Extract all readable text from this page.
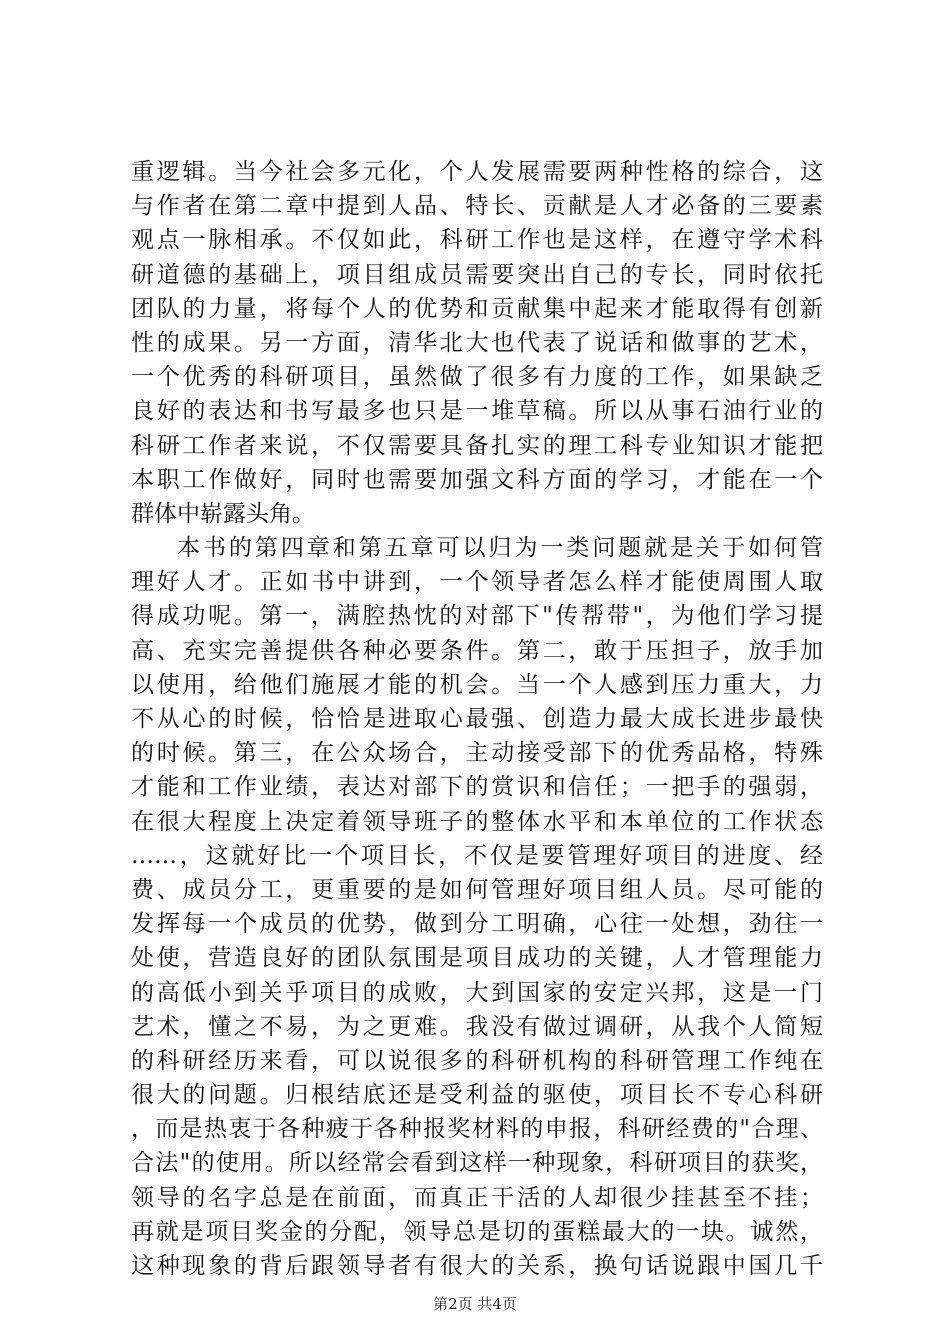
重逻辑。当今社会多元化，个人发展需要两种性格的综合，这
与作者在第二章中提到人品、特长、贡献是人才必备的三要素
观点一脉相承。不仅如此，科研工作也是这样，在遵守学术科
研道德的基础上，项目组成员需要突出自己的专长，同时依托
团队的力量，将每个人的优势和贡献集中起来才能取得有创新
性的成果。另一方面，清华北大也代表了说话和做事的艺术，
一个优秀的科研项目，虽然做了很多有力度的工作，如果缺乏
良好的表达和书写最多也只是一堆草稿。所以从事石油行业的
科研工作者来说，不仅需要具备扎实的理工科专业知识才能把
本职工作做好，同时也需要加强文科方面的学习，才能在一个
群体中崭露头角。
本书的第四章和第五章可以归为一类问题就是关于如何管
理好人才。正如书中讲到，一个领导者怎么样才能使周围人取
得成功呢。第一，满腔热忱的对部下"传帮带"，为他们学习提
高、充实完善提供各种必要条件。第二，敢于压担子，放手加
以使用，给他们施展才能的机会。当一个人感到压力重大，力
不从心的时候，恰恰是进取心最强、创造力最大成长进步最快
的时候。第三，在公众场合，主动接受部下的优秀品格，特殊
才能和工作业绩，表达对部下的赏识和信任；一把手的强弱，
在很大程度上决定着领导班子的整体水平和本单位的工作状态
……，这就好比一个项目长，不仅是要管理好项目的进度、经
费、成员分工，更重要的是如何管理好项目组人员。尽可能的
发挥每一个成员的优势，做到分工明确，心往一处想，劲往一
处使，营造良好的团队氛围是项目成功的关键，人才管理能力
的高低小到关乎项目的成败，大到国家的安定兴邦，这是一门
艺术，懂之不易，为之更难。我没有做过调研，从我个人简短
的科研经历来看，可以说很多的科研机构的科研管理工作纯在
很大的问题。归根结底还是受利益的驱使，项目长不专心科研
，而是热衷于各种疲于各种报奖材料的申报，科研经费的"合理、
合法"的使用。所以经常会看到这样一种现象，科研项目的获奖，
领导的名字总是在前面，而真正干活的人却很少挂甚至不挂；
再就是项目奖金的分配，领导总是切的蛋糕最大的一块。诚然，
这种现象的背后跟领导者有很大的关系，换句话说跟中国几千
第2页 共4页
